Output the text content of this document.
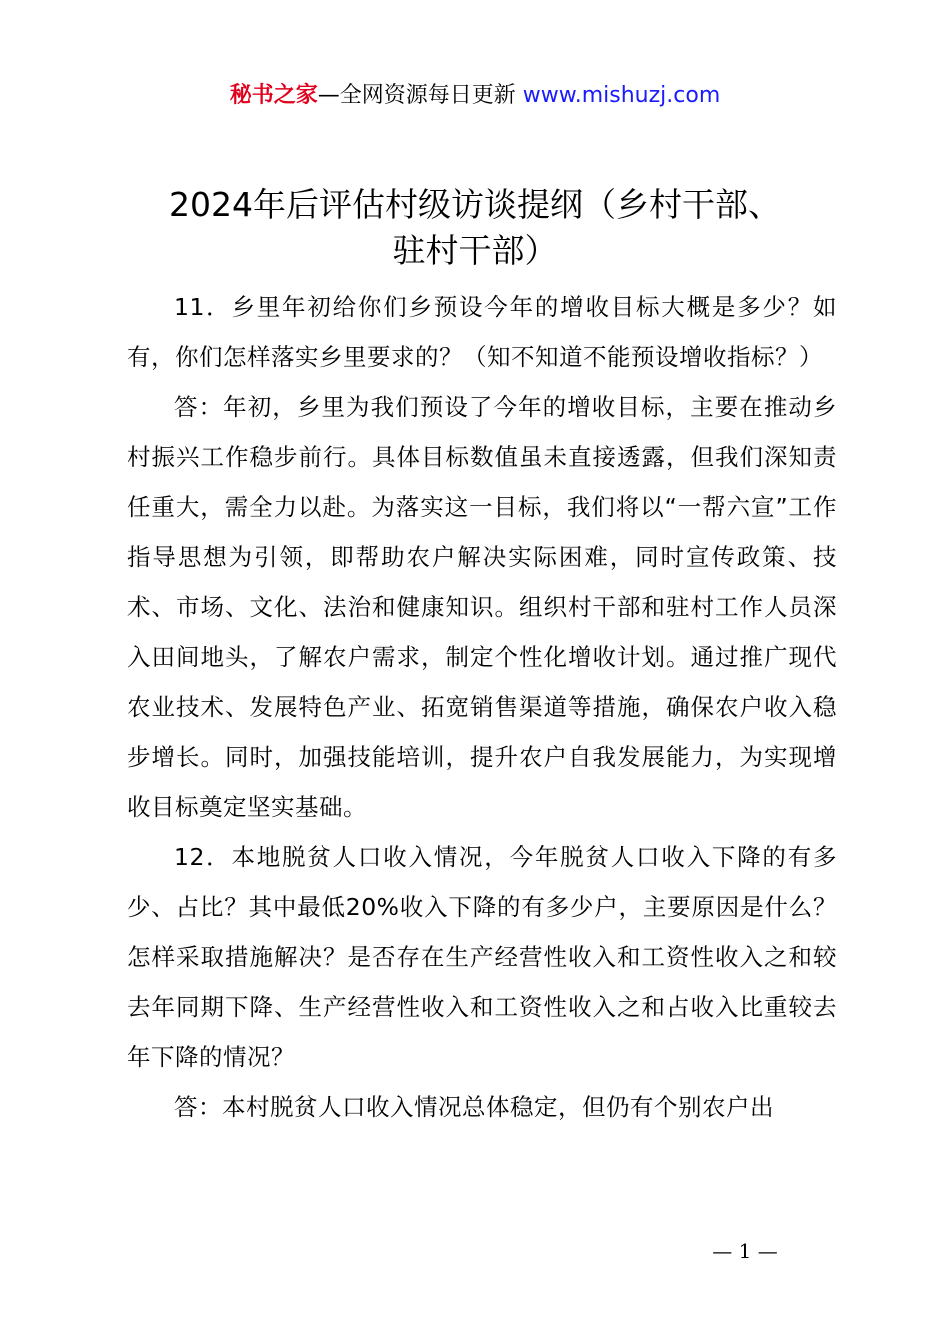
秘书之家—全网资源每日更新 www.mishuzj.com
2024年后评估村级访谈提纲（乡村干部、
驻村干部）

11．乡里年初给你们乡预设今年的增收目标大概是多少？如有，你们怎样落实乡里要求的？（知不知道不能预设增收指标？）

答：年初，乡里为我们预设了今年的增收目标，主要在推动乡村振兴工作稳步前行。具体目标数值虽未直接透露，但我们深知责任重大，需全力以赴。为落实这一目标，我们将以“一帮六宣”工作指导思想为引领，即帮助农户解决实际困难，同时宣传政策、技术、市场、文化、法治和健康知识。组织村干部和驻村工作人员深入田间地头，了解农户需求，制定个性化增收计划。通过推广现代农业技术、发展特色产业、拓宽销售渠道等措施，确保农户收入稳步增长。同时，加强技能培训，提升农户自我发展能力，为实现增收目标奠定坚实基础。

12．本地脱贫人口收入情况，今年脱贫人口收入下降的有多少、占比？其中最低20%收入下降的有多少户，主要原因是什么？怎样采取措施解决？是否存在生产经营性收入和工资性收入之和较去年同期下降、生产经营性收入和工资性收入之和占收入比重较去年下降的情况？

答：本村脱贫人口收入情况总体稳定，但仍有个别农户出

— 1 —
